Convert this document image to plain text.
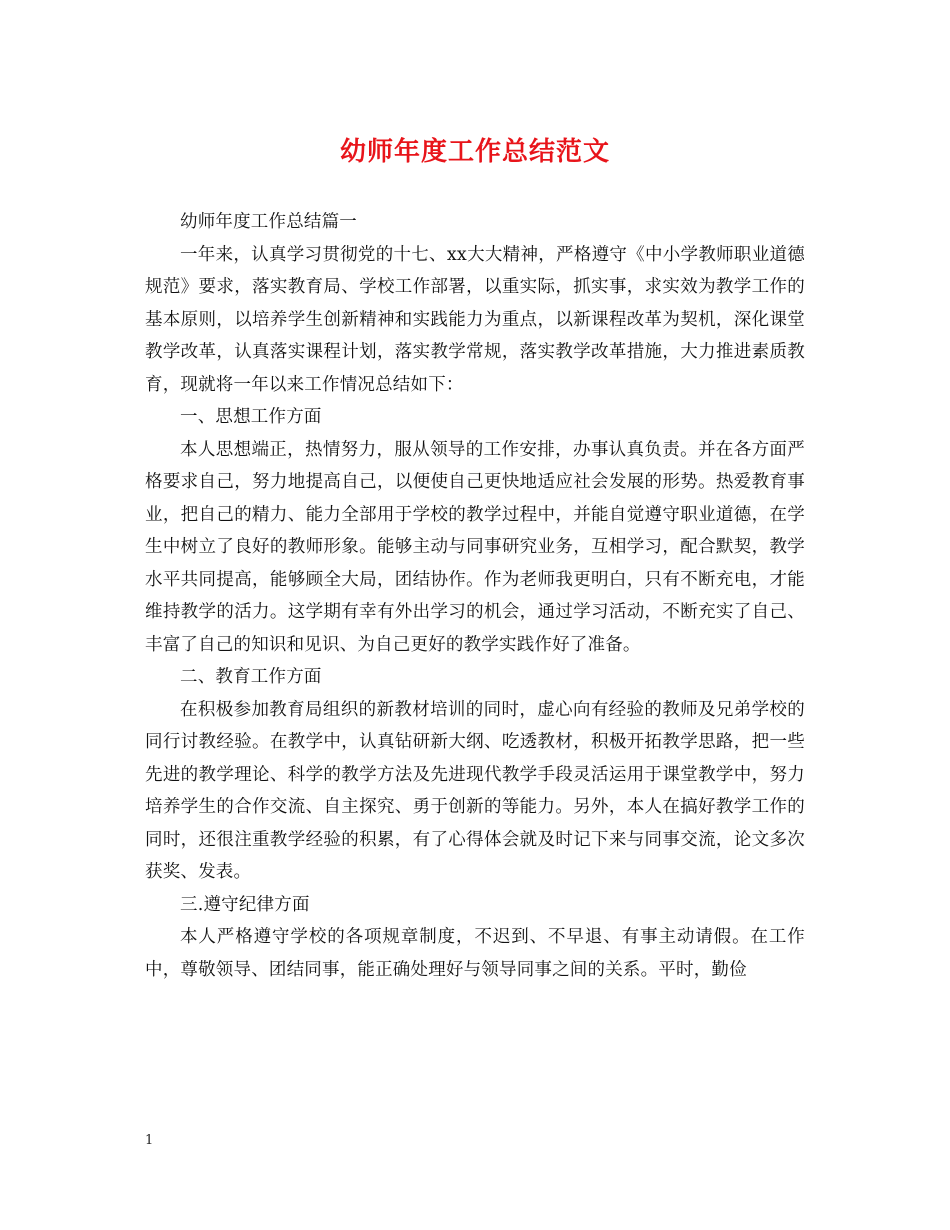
幼师年度工作总结范文

幼师年度工作总结篇一

一年来，认真学习贯彻党的十七、xx大大精神，严格遵守《中小学教师职业道德规范》要求，落实教育局、学校工作部署，以重实际，抓实事，求实效为教学工作的基本原则，以培养学生创新精神和实践能力为重点，以新课程改革为契机，深化课堂教学改革，认真落实课程计划，落实教学常规，落实教学改革措施，大力推进素质教育，现就将一年以来工作情况总结如下：

一、思想工作方面

本人思想端正，热情努力，服从领导的工作安排，办事认真负责。并在各方面严格要求自己，努力地提高自己，以便使自己更快地适应社会发展的形势。热爱教育事业，把自己的精力、能力全部用于学校的教学过程中，并能自觉遵守职业道德，在学生中树立了良好的教师形象。能够主动与同事研究业务，互相学习，配合默契，教学水平共同提高，能够顾全大局，团结协作。作为老师我更明白，只有不断充电，才能维持教学的活力。这学期有幸有外出学习的机会，通过学习活动，不断充实了自己、丰富了自己的知识和见识、为自己更好的教学实践作好了准备。

二、教育工作方面

在积极参加教育局组织的新教材培训的同时，虚心向有经验的教师及兄弟学校的同行讨教经验。在教学中，认真钻研新大纲、吃透教材，积极开拓教学思路，把一些先进的教学理论、科学的教学方法及先进现代教学手段灵活运用于课堂教学中，努力培养学生的合作交流、自主探究、勇于创新的等能力。另外，本人在搞好教学工作的同时，还很注重教学经验的积累，有了心得体会就及时记下来与同事交流，论文多次获奖、发表。

三.遵守纪律方面

本人严格遵守学校的各项规章制度，不迟到、不早退、有事主动请假。在工作中，尊敬领导、团结同事，能正确处理好与领导同事之间的关系。平时，勤俭

1
